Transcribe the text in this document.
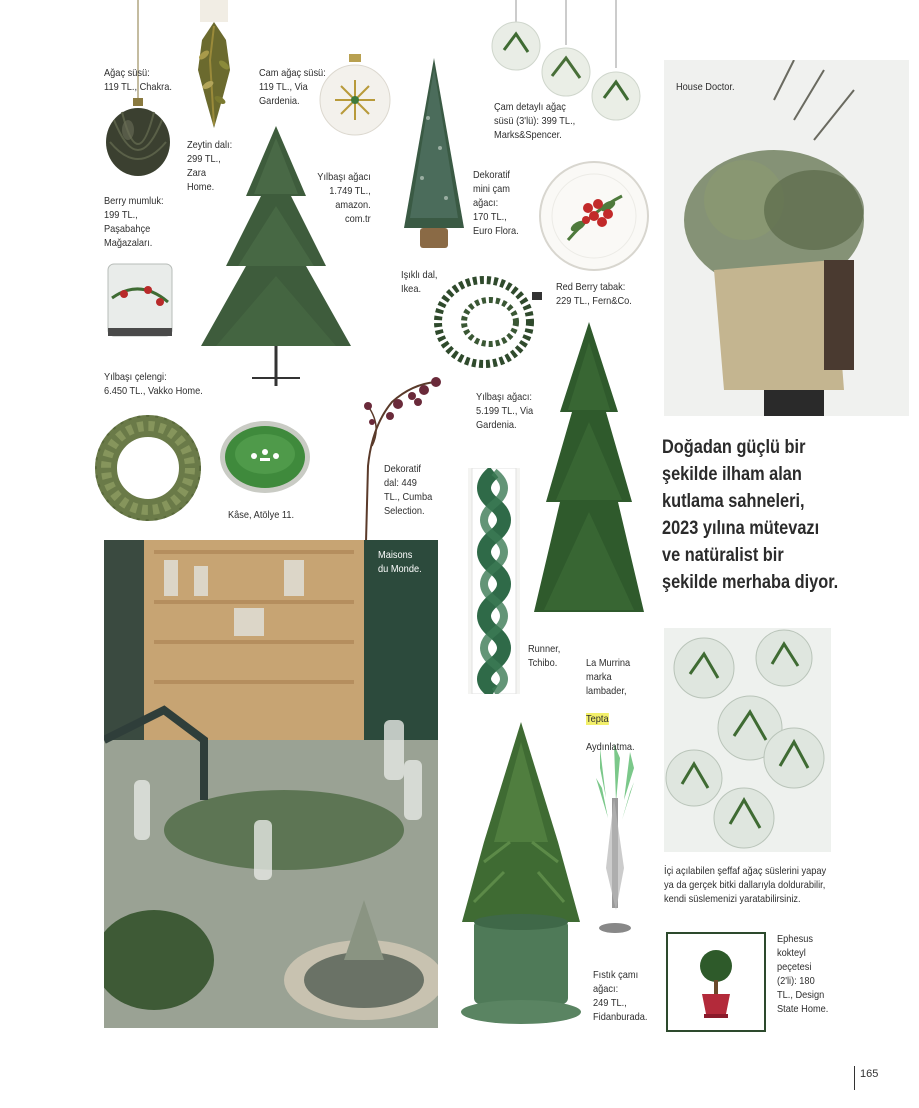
Ağaç süsü:
119 TL., Chakra.
Zeytin dalı:
299 TL.,
Zara
Home.
Cam ağaç süsü:
119 TL., Via
Gardenia.	Çam detaylı ağaç
süsü (3'lü): 399 TL.,
Marks&Spencer.
House Doctor.
Berry mumluk:
199 TL.,
Paşabahçe
Mağazaları.
Yılbaşı ağacı
1.749 TL.,
amazon.
com.tr
Dekoratif
mini çam
ağacı:
170 TL.,
Euro Flora.
Işıklı dal,
Ikea.	Red Berry tabak:
229 TL., Fern&Co.
Yılbaşı çelengi:
6.450 TL., Vakko Home.	Yılbaşı ağacı:
5.199 TL., Via
Gardenia.
Kâse, Atölye 11.
Dekoratif
dal: 449
TL., Cumba
Selection.
Maisons
du Monde.
Runner,
Tchibo.	La Murrina
marka
lambader,

Tepta

Aydınlatma.

İçi açılabilen şeffaf ağaç süslerini yapay
ya da gerçek bitki dallarıyla doldurabilir,
kendi süslemenizi yaratabilirsiniz.
Fıstık çamı
ağacı:
249 TL.,
Fidanburada.
Ephesus
kokteyl
peçetesi
(2'li): 180
TL., Design
State Home.
Doğadan güçlü bir
şekilde ilham alan
kutlama sahneleri,
2023 yılına mütevazı
ve natüralist bir
şekilde merhaba diyor.
165
